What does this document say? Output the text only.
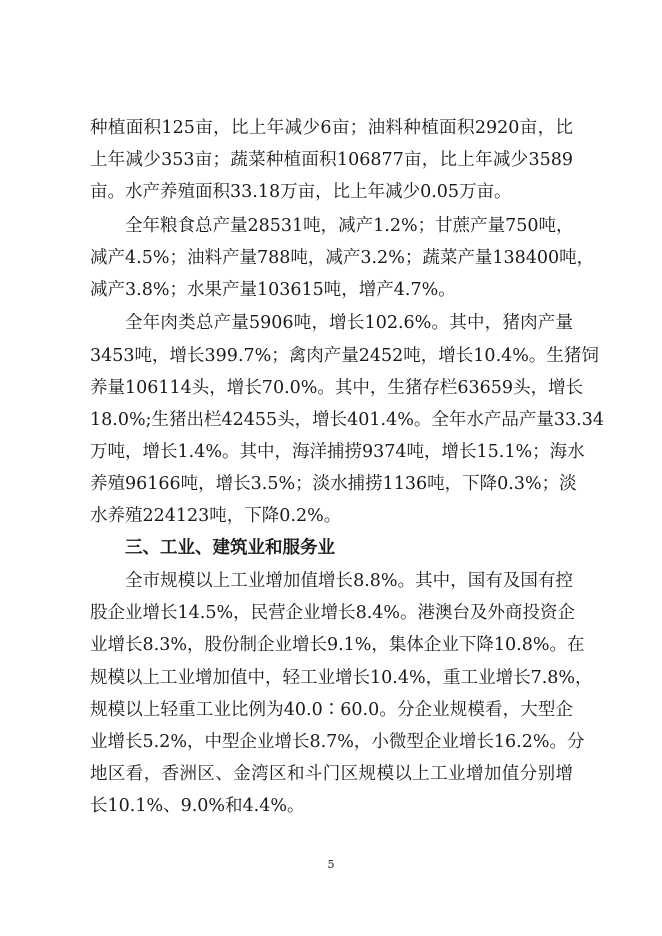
种植面积125亩，比上年减少6亩；油料种植面积2920亩，比
上年减少353亩；蔬菜种植面积106877亩，比上年减少3589
亩。水产养殖面积33.18万亩，比上年减少0.05万亩。
全年粮食总产量28531吨，减产1.2%；甘蔗产量750吨，
减产4.5%；油料产量788吨，减产3.2%；蔬菜产量138400吨，
减产3.8%；水果产量103615吨，增产4.7%。
全年肉类总产量5906吨，增长102.6%。其中，猪肉产量
3453吨，增长399.7%；禽肉产量2452吨，增长10.4%。生猪饲
养量106114头，增长70.0%。其中，生猪存栏63659头，增长
18.0%;生猪出栏42455头，增长401.4%。全年水产品产量33.34
万吨，增长1.4%。其中，海洋捕捞9374吨，增长15.1%；海水
养殖96166吨，增长3.5%；淡水捕捞1136吨，下降0.3%；淡
水养殖224123吨，下降0.2%。
三、工业、建筑业和服务业
全市规模以上工业增加值增长8.8%。其中，国有及国有控
股企业增长14.5%，民营企业增长8.4%。港澳台及外商投资企
业增长8.3%，股份制企业增长9.1%，集体企业下降10.8%。在
规模以上工业增加值中，轻工业增长10.4%，重工业增长7.8%，
规模以上轻重工业比例为40.0∶60.0。分企业规模看，大型企
业增长5.2%，中型企业增长8.7%，小微型企业增长16.2%。分
地区看，香洲区、金湾区和斗门区规模以上工业增加值分别增
长10.1%、9.0%和4.4%。
5
